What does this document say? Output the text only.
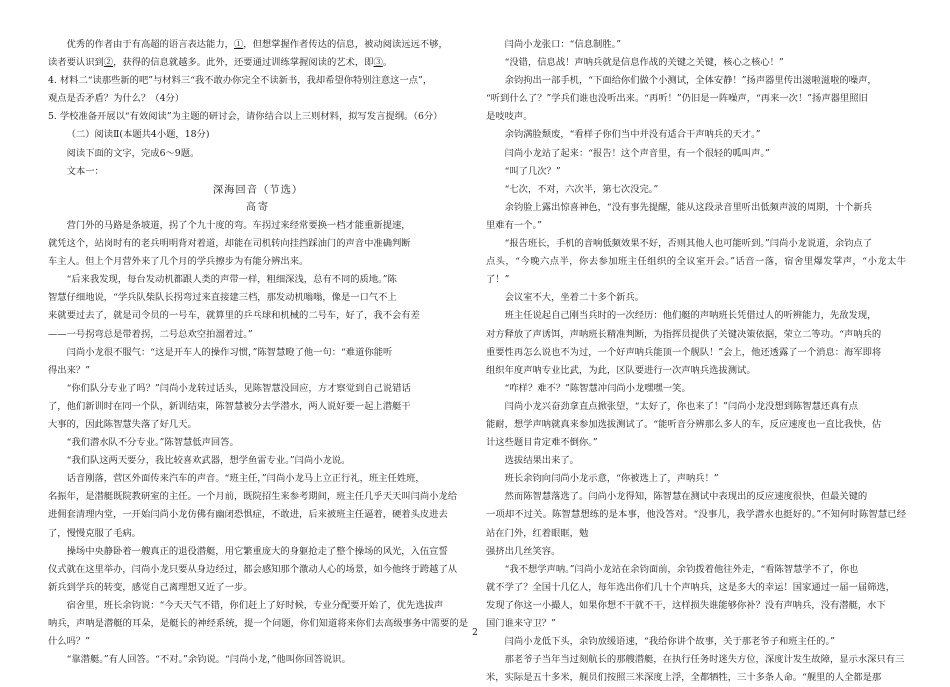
优秀的作者由于有高超的语言表达能力，①，但想掌握作者传达的信息，被动阅读远远不够，

读者要认识到②，获得的信息就越多。此外，还要通过训练掌握阅读的艺术，即③。

4. 材料二“读那些新的吧”与材料三“我不敢办你完全不读新书，我却希望你特别注意这一点”，

观点是否矛盾？为什么？（4分）

5. 学校准备开展以“有效阅读”为主题的研讨会，请你结合以上三则材料，拟写发言提纲。（6分）

（二）阅读Ⅱ(本题共4小题，18分)

阅读下面的文字，完成6～9题。

文本一：

深海回音（节选）

高寄

营门外的马路是条坡道，拐了个九十度的弯。车拐过来经常要换一档才能重新提速，

就凭这个，站岗时有的老兵明明背对着道，却能在司机转向挂挡踩油门的声音中准确判断

车主人。但上个月营外来了几个月的学兵擦步为有能分辨出来。

“后来我发现，每台发动机都跟人类的声带一样，粗细深浅，总有不同的质地。”陈

智慧仔细地说，“学兵队柴队长拐弯过来直接建三档，那发动机嗡嗡，像是一口气不上

来就要过去了，就是司令员的一号车，就算里的乒乓球和机械的二号车，好了，我不会有差

——一号拐弯总是带着拐，二号总欢空拍溜着过。”

闫尚小龙很不服气：“这是开车人的操作习惯，”陈智慧瞪了他一句：“难道你能听

得出来？”

“你们队分专业了吗？”闫尚小龙转过话头，见陈智慧没回应，方才察觉到自己说错话

了，他们新训时在同一个队，新训结束，陈智慧被分去学潜水，两人说好要一起上潜艇干

大事的，因此陈智慧失落了好几天。

“我们潜水队不分专业。”陈智慧低声回答。

“我们队这两天要分，我比较喜欢武器，想学鱼雷专业。”闫尚小龙说。

话音刚落，营区外面传来汽车的声音。“班主任，”闫尚小龙马上立正行礼，班主任姓班，

名振年，是潜艇既院教研室的主任。一个月前，既院招生来参考期间，班主任几乎天天叫闫尚小龙给

进佣套清理内堂，一开始闫尚小龙仿佛有幽闭恐惧症，不敢进，后来被班主任逼着，硬着头皮进去

了，慢慢克服了毛病。

操场中央静卧着一艘真正的退役潜艇，用它繁重庞大的身躯抢走了整个操场的风光，入伍宣誓

仪式就在这里举办，闫尚小龙只要从身边经过，都会感知那个激动人心的场景，如今他终于跨越了从

新兵到学兵的转变，感觉自己离理想又近了一步。

宿舍里，班长余钧说：“今天天气不错，你们赶上了好时候，专业分配要开始了，优先选拔声

呐兵，声呐是潜艇的耳朵，是艇长的神经系统，提一个问题，你们知道将来你们去高级事务中需要的是什么吗？”

“靠潜艇。”有人回答。“不对。”余钧说。“闫尚小龙，”他叫你回答说识。

闫尚小龙张口：“信息制胜。”

“没错，信息战！声呐兵就是信息作战的关键之关键，核心之核心！”

余钧拘出一部手机，“下面给你们做个小测试，全体安静！”扬声器里传出滋啦滋啦的噪声，

“听到什么了？”学兵们谁也没听出来。“再听！”仍旧是一阵噪声，“再来一次！”扬声器里照旧

是吱吱声。

余钧满脸颓废，“看样子你们当中并没有适合干声呐兵的天才。”

闫尚小龙站了起来：“报告！这个声音里，有一个很轻的呱叫声。”

“叫了几次？”

“七次，不对，六次半，第七次没完。”

余钧脸上露出惊喜神色，“没有事先提醒，能从这段录音里听出低频声波的周期，十个新兵

里难有一个。”

“报告班长，手机的音响低频效果不好，否则其他人也可能听到。”闫尚小龙说道，余钧点了

点头，“今晚六点半，你去参加班主任组织的全议室开会。”话音一落，宿舍里爆发掌声，“小龙太牛了！”

会议室不大，坐着二十多个新兵。

班主任说起自己刚当兵时的一次经历：他们艇的声呐班长凭借过人的听辨能力，先敌发现，

对方释放了声诱饵，声呐班长精准判断，为指挥员提供了关键决策依据，荣立二等功。“声呐兵的

重要性再怎么说也不为过，一个好声呐兵能顶一个舰队！”会上，他还透露了一个消息：海军即将

组织年度声呐专业比武，为此，区队要进行一次声呐兵选拔测试。

“咋样？难不？”陈智慧冲闫尚小龙嘿嘿一笑。

闫尚小龙兴奋劲拿直点掀张望，“太好了，你也来了！”闫尚小龙没想到陈智慧还真有点

能耐，想学声呐就真来参加选拔测试了。“能听音分辨那么多人的车，反应速度也一直比我快，估

计这些题目肯定难不倒你。”

选拔结果出来了。

班长余钧向闫尚小龙示意，“你被选上了，声呐兵！”

然而陈智慧落选了。闫尚小龙得知，陈智慧在测试中表现出的反应速度很快，但最关键的

一项却不过关。陈智慧想练的是本事，他没答对。“没事儿，我学潜水也挺好的。”不知何时陈智慧已经站在门外，红着眼眶，勉

强挤出几丝笑容。

“我不想学声呐。”闫尚小龙站在余钧面前，余钧拨着他往外走，“看陈智慧学不了，你也

就不学了？全国十几亿人，每年选出你们几十个声呐兵，这是多大的幸运！国家通过一届一届筛选，

发现了你这一小撮人，如果你想不干就不干，这样损失谁能够你补？没有声呐兵，没有潜艇，水下

国门谁来守卫？”

闫尚小龙低下头，余钧放缓语速，“我给你讲个故事，关于那老爷子和班主任的。”

那老爷子当年当过刻航长的那艘潜艇，在执行任务时迷失方位，深度计发生故障，显示水深只有三

米，实际是五十多米，舰员们按照三米深度上浮，全都牺牲，三十多条人命。“舰里的人全都是那

2
